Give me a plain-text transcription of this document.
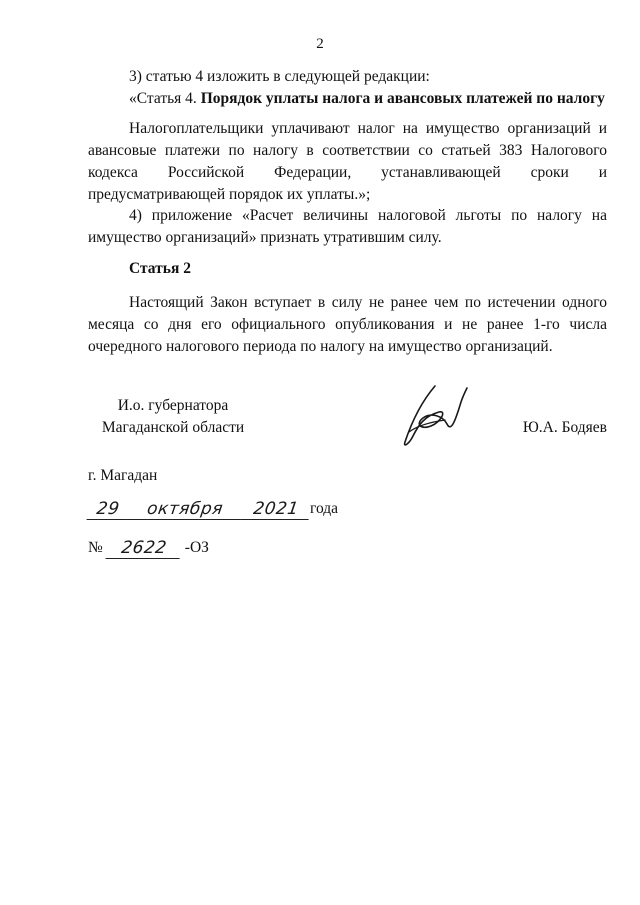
2
3) статью 4 изложить в следующей редакции:
«Статья 4. Порядок уплаты налога и авансовых платежей по налогу
Налогоплательщики уплачивают налог на имущество организаций и авансовые платежи по налогу в соответствии со статьей 383 Налогового кодекса Российской Федерации, устанавливающей сроки и предусматривающей порядок их уплаты.»;
4) приложение «Расчет величины налоговой льготы по налогу на имущество организаций» признать утратившим силу.
Статья 2
Настоящий Закон вступает в силу не ранее чем по истечении одного месяца со дня его официального опубликования и не ранее 1-го числа очередного налогового периода по налогу на имущество организаций.
И.о. губернатора
Магаданской области	Ю.А. Бодяев
г. Магадан
29	октября	2021 года
№	2622	-ОЗ
